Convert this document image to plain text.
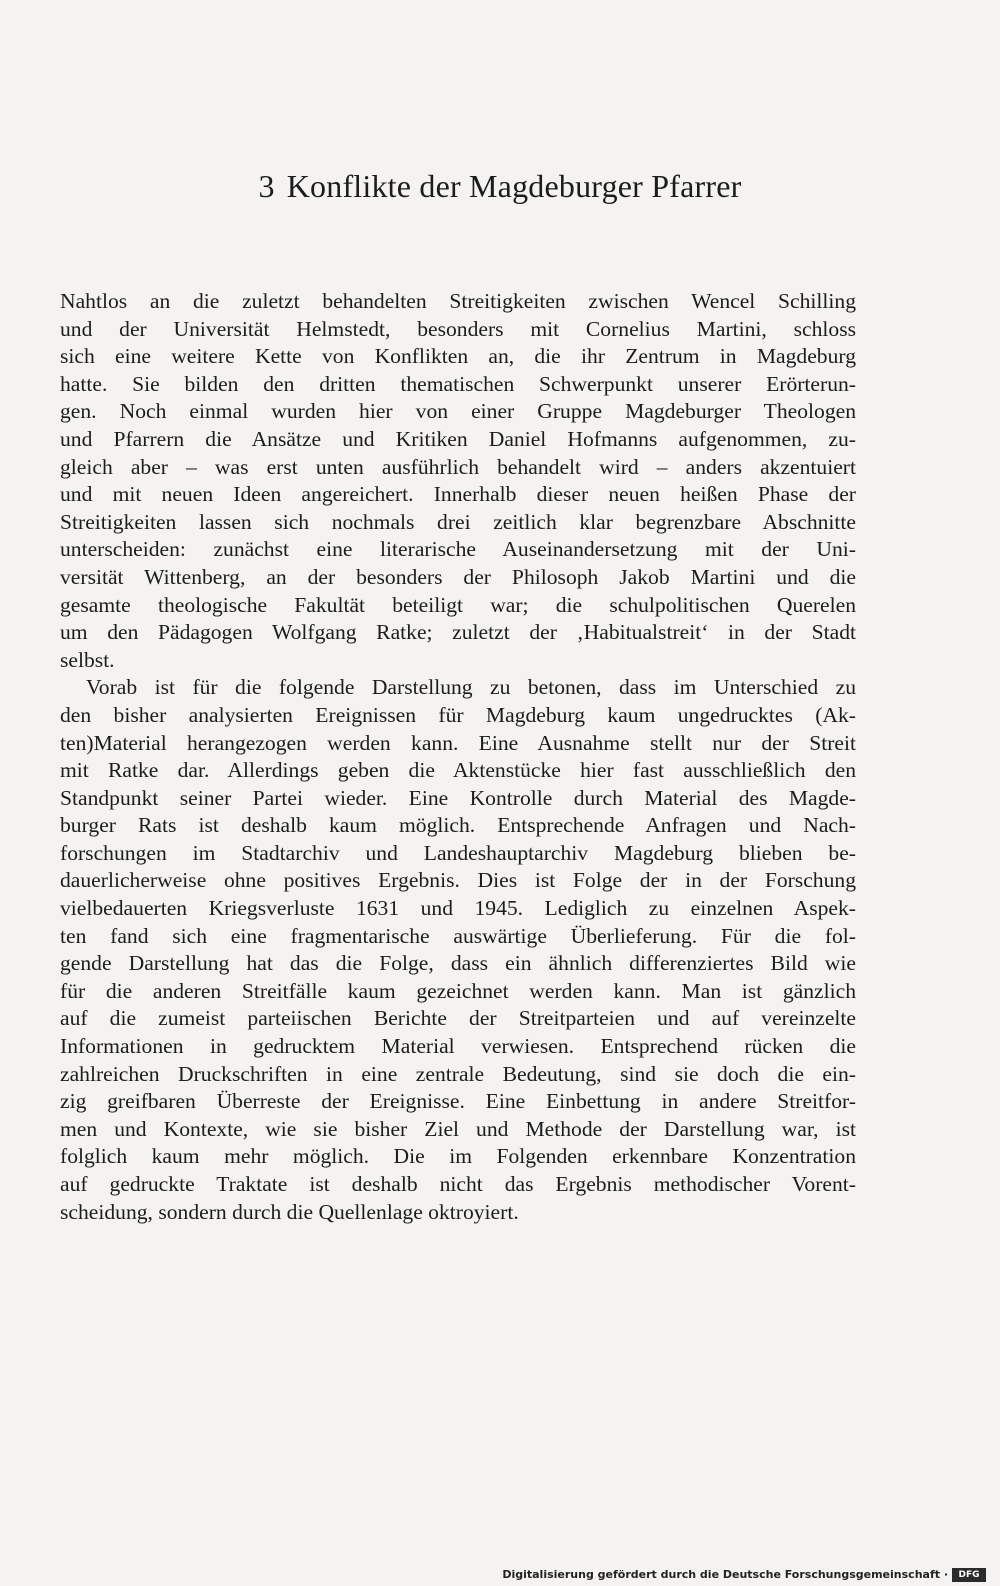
3 Konflikte der Magdeburger Pfarrer
Nahtlos an die zuletzt behandelten Streitigkeiten zwischen Wencel Schilling
und der Universität Helmstedt, besonders mit Cornelius Martini, schloss
sich eine weitere Kette von Konflikten an, die ihr Zentrum in Magdeburg
hatte. Sie bilden den dritten thematischen Schwerpunkt unserer Erörterun-
gen. Noch einmal wurden hier von einer Gruppe Magdeburger Theologen
und Pfarrern die Ansätze und Kritiken Daniel Hofmanns aufgenommen, zu-
gleich aber – was erst unten ausführlich behandelt wird – anders akzentuiert
und mit neuen Ideen angereichert. Innerhalb dieser neuen heißen Phase der
Streitigkeiten lassen sich nochmals drei zeitlich klar begrenzbare Abschnitte
unterscheiden: zunächst eine literarische Auseinandersetzung mit der Uni-
versität Wittenberg, an der besonders der Philosoph Jakob Martini und die
gesamte theologische Fakultät beteiligt war; die schulpolitischen Querelen
um den Pädagogen Wolfgang Ratke; zuletzt der ‚Habitualstreit‘ in der Stadt
selbst.
Vorab ist für die folgende Darstellung zu betonen, dass im Unterschied zu
den bisher analysierten Ereignissen für Magdeburg kaum ungedrucktes (Ak-
ten)Material herangezogen werden kann. Eine Ausnahme stellt nur der Streit
mit Ratke dar. Allerdings geben die Aktenstücke hier fast ausschließlich den
Standpunkt seiner Partei wieder. Eine Kontrolle durch Material des Magde-
burger Rats ist deshalb kaum möglich. Entsprechende Anfragen und Nach-
forschungen im Stadtarchiv und Landeshauptarchiv Magdeburg blieben be-
dauerlicherweise ohne positives Ergebnis. Dies ist Folge der in der Forschung
vielbedauerten Kriegsverluste 1631 und 1945. Lediglich zu einzelnen Aspek-
ten fand sich eine fragmentarische auswärtige Überlieferung. Für die fol-
gende Darstellung hat das die Folge, dass ein ähnlich differenziertes Bild wie
für die anderen Streitfälle kaum gezeichnet werden kann. Man ist gänzlich
auf die zumeist parteiischen Berichte der Streitparteien und auf vereinzelte
Informationen in gedrucktem Material verwiesen. Entsprechend rücken die
zahlreichen Druckschriften in eine zentrale Bedeutung, sind sie doch die ein-
zig greifbaren Überreste der Ereignisse. Eine Einbettung in andere Streitfor-
men und Kontexte, wie sie bisher Ziel und Methode der Darstellung war, ist
folglich kaum mehr möglich. Die im Folgenden erkennbare Konzentration
auf gedruckte Traktate ist deshalb nicht das Ergebnis methodischer Vorent-
scheidung, sondern durch die Quellenlage oktroyiert.
Digitalisierung gefördert durch die Deutsche Forschungsgemeinschaft ·	DFG
